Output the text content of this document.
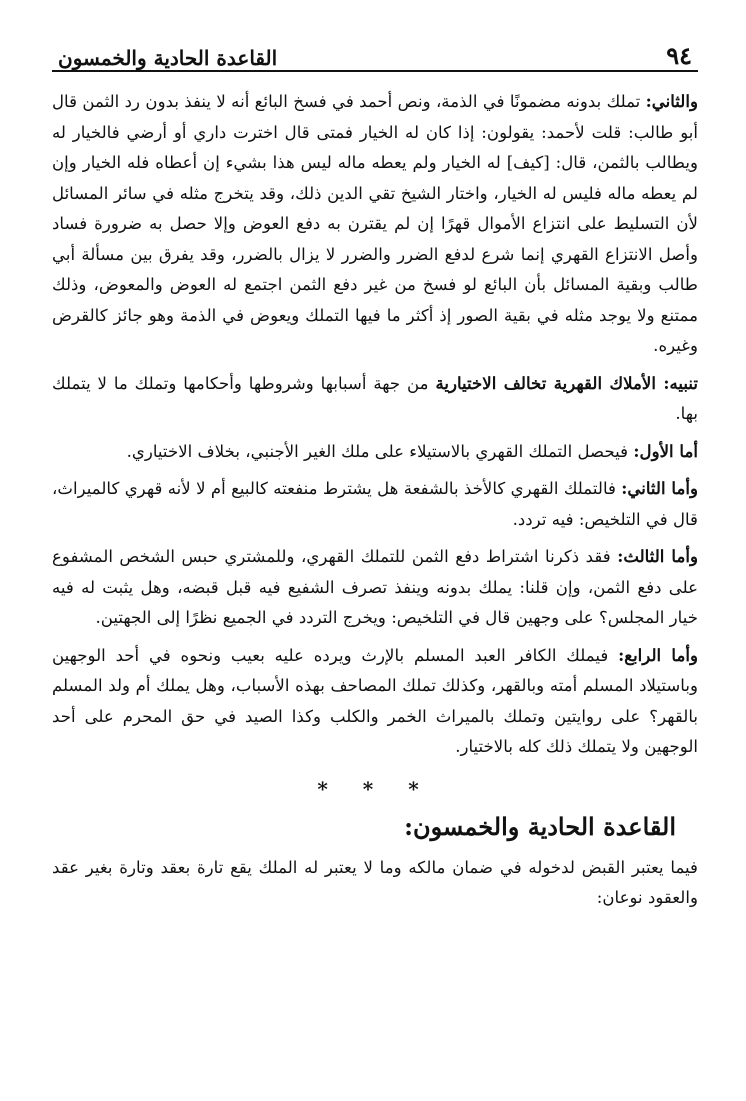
٩٤
القاعدة الحادية والخمسون

والثاني: تملك بدونه مضمونًا في الذمة، ونص أحمد في فسخ البائع أنه لا ينفذ بدون رد الثمن قال أبو طالب: قلت لأحمد: يقولون: إذا كان له الخيار فمتى قال اخترت داري أو أرضي فالخيار له ويطالب بالثمن، قال: [كيف] له الخيار ولم يعطه ماله ليس هذا بشيء إن أعطاه فله الخيار وإن لم يعطه ماله فليس له الخيار، واختار الشيخ تقي الدين ذلك، وقد يتخرج مثله في سائر المسائل لأن التسليط على انتزاع الأموال قهرًا إن لم يقترن به دفع العوض وإلا حصل به ضرورة فساد وأصل الانتزاع القهري إنما شرع لدفع الضرر والضرر لا يزال بالضرر، وقد يفرق بين مسألة أبي طالب وبقية المسائل بأن البائع لو فسخ من غير دفع الثمن اجتمع له العوض والمعوض، وذلك ممتنع ولا يوجد مثله في بقية الصور إذ أكثر ما فيها التملك ويعوض في الذمة وهو جائز كالقرض وغيره.

تنبيه: الأملاك القهرية تخالف الاختيارية من جهة أسبابها وشروطها وأحكامها وتملك ما لا يتملك بها.

أما الأول: فيحصل التملك القهري بالاستيلاء على ملك الغير الأجنبي، بخلاف الاختياري.

وأما الثاني: فالتملك القهري كالأخذ بالشفعة هل يشترط منفعته كالبيع أم لا لأنه قهري كالميراث، قال في التلخيص: فيه تردد.

وأما الثالث: فقد ذكرنا اشتراط دفع الثمن للتملك القهري، وللمشتري حبس الشخص المشفوع على دفع الثمن، وإن قلنا: يملك بدونه وينفذ تصرف الشفيع فيه قبل قبضه، وهل يثبت له فيه خيار المجلس؟ على وجهين قال في التلخيص: ويخرج التردد في الجميع نظرًا إلى الجهتين.

وأما الرابع: فيملك الكافر العبد المسلم بالإرث ويرده عليه بعيب ونحوه في أحد الوجهين وباستيلاد المسلم أمته وبالقهر، وكذلك تملك المصاحف بهذه الأسباب، وهل يملك أم ولد المسلم بالقهر؟ على روايتين وتملك بالميراث الخمر والكلب وكذا الصيد في حق المحرم على أحد الوجهين ولا يتملك ذلك كله بالاختيار.

* * *
القاعدة الحادية والخمسون:

فيما يعتبر القبض لدخوله في ضمان مالكه وما لا يعتبر له الملك يقع تارة بعقد وتارة بغير عقد والعقود نوعان:
